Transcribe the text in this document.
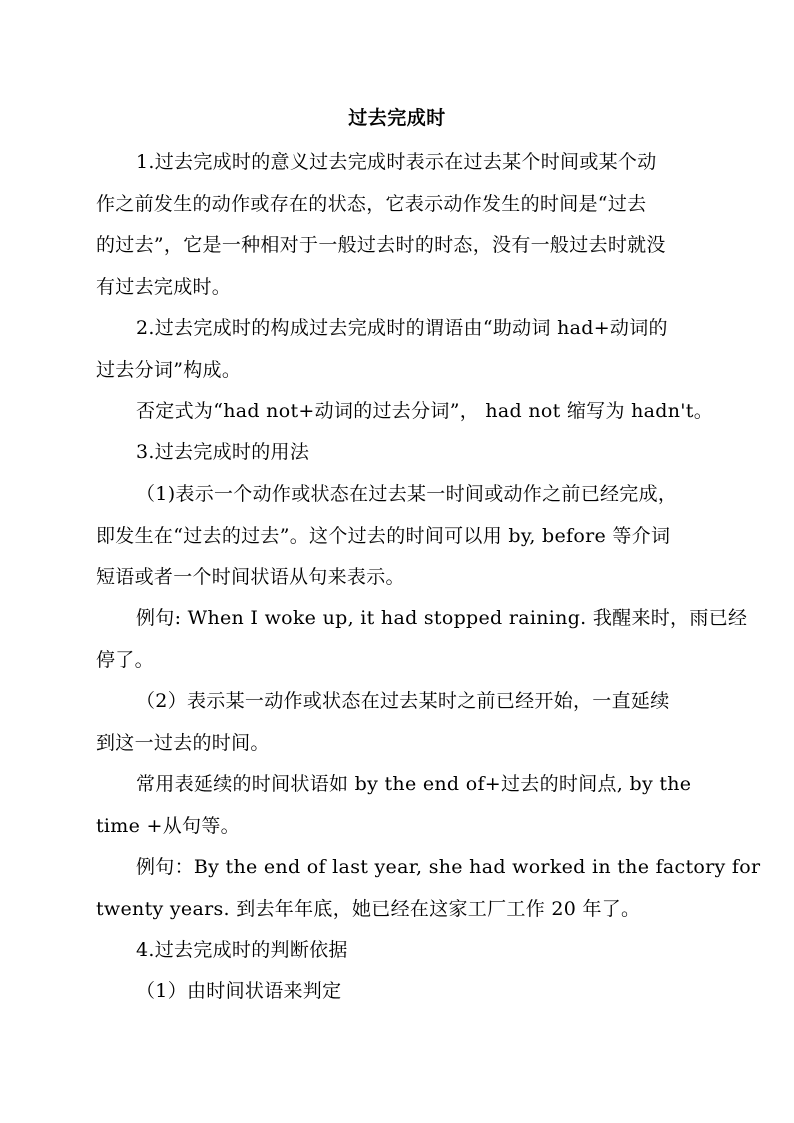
过去完成时
1.过去完成时的意义过去完成时表示在过去某个时间或某个动
作之前发生的动作或存在的状态，它表示动作发生的时间是“过去
的过去”，它是一种相对于一般过去时的时态，没有一般过去时就没
有过去完成时。
2.过去完成时的构成过去完成时的谓语由“助动词 had+动词的
过去分词”构成。
否定式为“had not+动词的过去分词”， had not 缩写为 hadn't。
3.过去完成时的用法
（1)表示一个动作或状态在过去某一时间或动作之前已经完成，
即发生在“过去的过去”。这个过去的时间可以用 by, before 等介词
短语或者一个时间状语从句来表示。
例句: When I woke up, it had stopped raining. 我醒来时，雨已经
停了。
（2）表示某一动作或状态在过去某时之前已经开始，一直延续
到这一过去的时间。
常用表延续的时间状语如 by the end of+过去的时间点, by the
time +从句等。
例句：By the end of last year, she had worked in the factory for
twenty years. 到去年年底，她已经在这家工厂工作 20 年了。
4.过去完成时的判断依据
（1）由时间状语来判定
